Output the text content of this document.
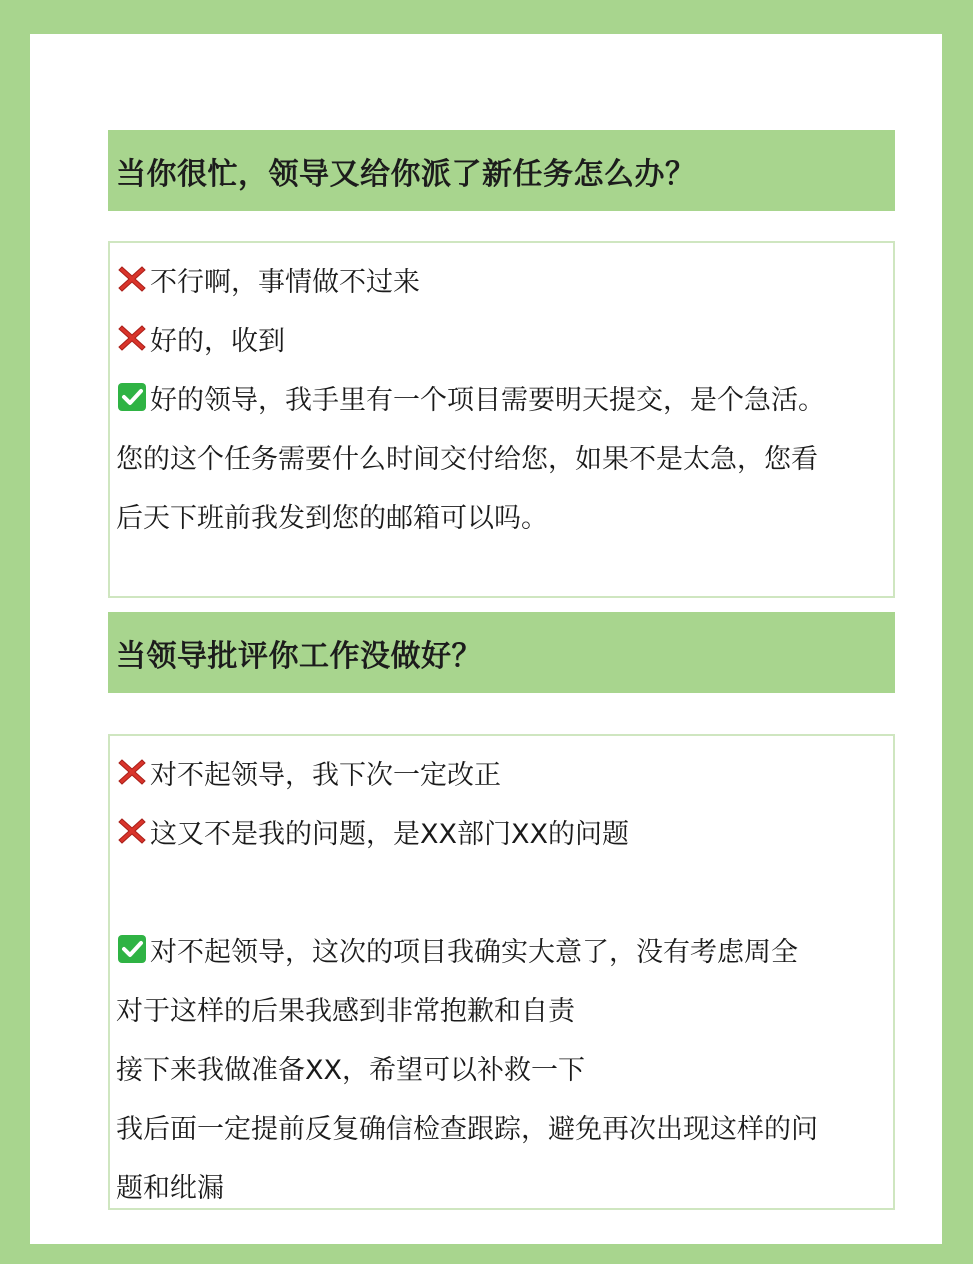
当你很忙，领导又给你派了新任务怎么办？
不行啊，事情做不过来
好的，收到
好的领导，我手里有一个项目需要明天提交，是个急活。
您的这个任务需要什么时间交付给您，如果不是太急，您看
后天下班前我发到您的邮箱可以吗。
当领导批评你工作没做好？
对不起领导，我下次一定改正
这又不是我的问题，是XX部门XX的问题
对不起领导，这次的项目我确实大意了，没有考虑周全
对于这样的后果我感到非常抱歉和自责
接下来我做准备XX，希望可以补救一下
我后面一定提前反复确信检查跟踪，避免再次出现这样的问
题和纰漏
